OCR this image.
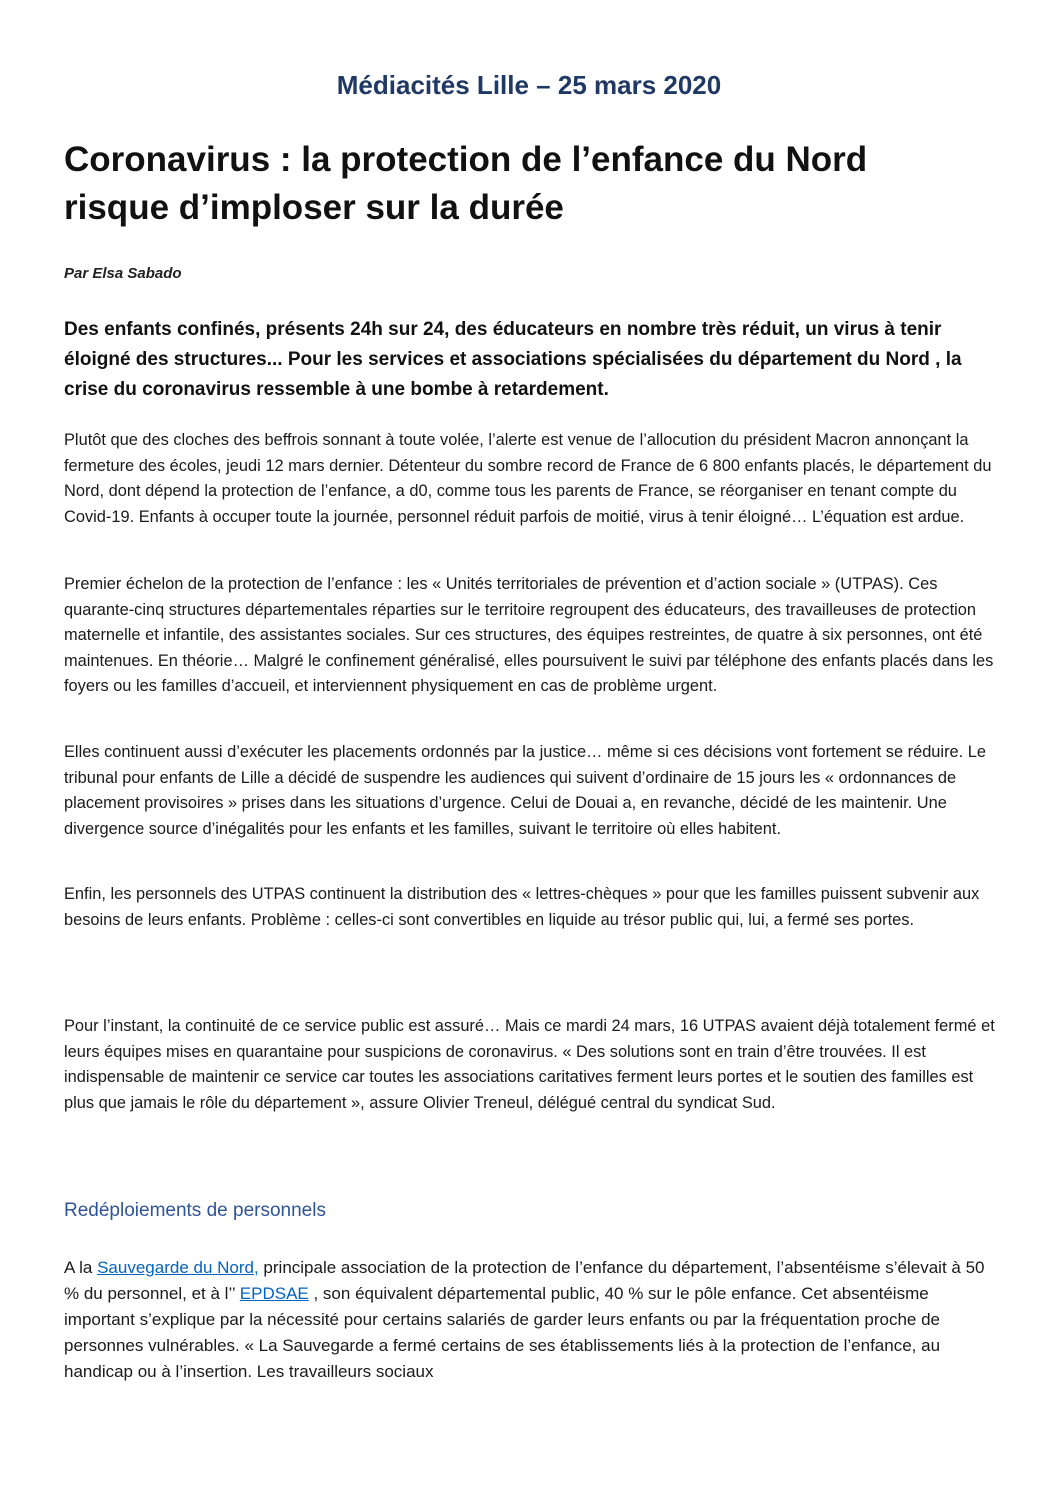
Médiacités Lille – 25 mars 2020
Coronavirus : la protection de l’enfance du Nord
risque d’imploser sur la durée
Par Elsa Sabado

Des enfants confinés, présents 24h sur 24, des éducateurs en nombre très réduit, un virus à tenir éloigné des structures... Pour les services et associations spécialisées du département du Nord , la crise du coronavirus ressemble à une bombe à retardement.

Plutôt que des cloches des beffrois sonnant à toute volée, l’alerte est venue de l’allocution du président Macron annonçant la fermeture des écoles, jeudi 12 mars dernier. Détenteur du sombre record de France de 6 800 enfants placés, le département du Nord, dont dépend la protection de l’enfance, a d0, comme tous les parents de France, se réorganiser en tenant compte du Covid-19. Enfants à occuper toute la journée, personnel réduit parfois de moitié, virus à tenir éloigné… L’équation est ardue.

Premier échelon de la protection de l’enfance : les « Unités territoriales de prévention et d’action sociale » (UTPAS). Ces quarante-cinq structures départementales réparties sur le territoire regroupent des éducateurs, des travailleuses de protection maternelle et infantile, des assistantes sociales. Sur ces structures, des équipes restreintes, de quatre à six personnes, ont été maintenues. En théorie… Malgré le confinement généralisé, elles poursuivent le suivi par téléphone des enfants placés dans les foyers ou les familles d’accueil, et interviennent physiquement en cas de problème urgent.

Elles continuent aussi d’exécuter les placements ordonnés par la justice… même si ces décisions vont fortement se réduire. Le tribunal pour enfants de Lille a décidé de suspendre les audiences qui suivent d’ordinaire de 15 jours les « ordonnances de placement provisoires » prises dans les situations d’urgence. Celui de Douai a, en revanche, décidé de les maintenir. Une divergence source d’inégalités pour les enfants et les familles, suivant le territoire où elles habitent.

Enfin, les personnels des UTPAS continuent la distribution des « lettres-chèques » pour que les familles puissent subvenir aux besoins de leurs enfants. Problème : celles-ci sont convertibles en liquide au trésor public qui, lui, a fermé ses portes.

Pour l’instant, la continuité de ce service public est assuré… Mais ce mardi 24 mars, 16 UTPAS avaient déjà totalement fermé et leurs équipes mises en quarantaine pour suspicions de coronavirus. « Des solutions sont en train d’être trouvées. Il est indispensable de maintenir ce service car toutes les associations caritatives ferment leurs portes et le soutien des familles est plus que jamais le rôle du département », assure Olivier Treneul, délégué central du syndicat Sud.

Redéploiements de personnels

A la Sauvegarde du Nord, principale association de la protection de l’enfance du département, l’absentéisme s’élevait à 50 % du personnel, et à l’’ EPDSAE , son équivalent départemental public, 40 % sur le pôle enfance. Cet absentéisme important s’explique par la nécessité pour certains salariés de garder leurs enfants ou par la fréquentation proche de personnes vulnérables. « La Sauvegarde a fermé certains de ses établissements liés à la protection de l’enfance, au handicap ou à l’insertion. Les travailleurs sociaux
